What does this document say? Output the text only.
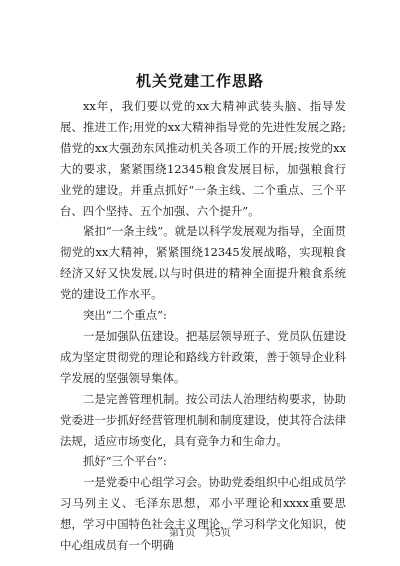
机关党建工作思路

xx年，我们要以党的xx大精神武装头脑、指导发展、推进工作;用党的xx大精神指导党的先进性发展之路;借党的xx大强劲东风推动机关各项工作的开展;按党的xx大的要求，紧紧围绕12345粮食发展目标，加强粮食行业党的建设。并重点抓好“一条主线、二个重点、三个平台、四个坚持、五个加强、六个提升”。

紧扣“一条主线”。就是以科学发展观为指导，全面贯彻党的xx大精神，紧紧围绕12345发展战略，实现粮食经济又好又快发展,以与时俱进的精神全面提升粮食系统党的建设工作水平。

突出“二个重点”:

一是加强队伍建设。把基层领导班子、党员队伍建设成为坚定贯彻党的理论和路线方针政策，善于领导企业科学发展的坚强领导集体。

二是完善管理机制。按公司法人治理结构要求，协助党委进一步抓好经营管理机制和制度建设，使其符合法律法规，适应市场变化，具有竞争力和生命力。

抓好“三个平台”:

一是党委中心组学习会。协助党委组织中心组成员学习马列主义、毛泽东思想，邓小平理论和xxxx重要思想，学习中国特色社会主义理论，学习科学文化知识，使中心组成员有一个明确

第1页 共5页
